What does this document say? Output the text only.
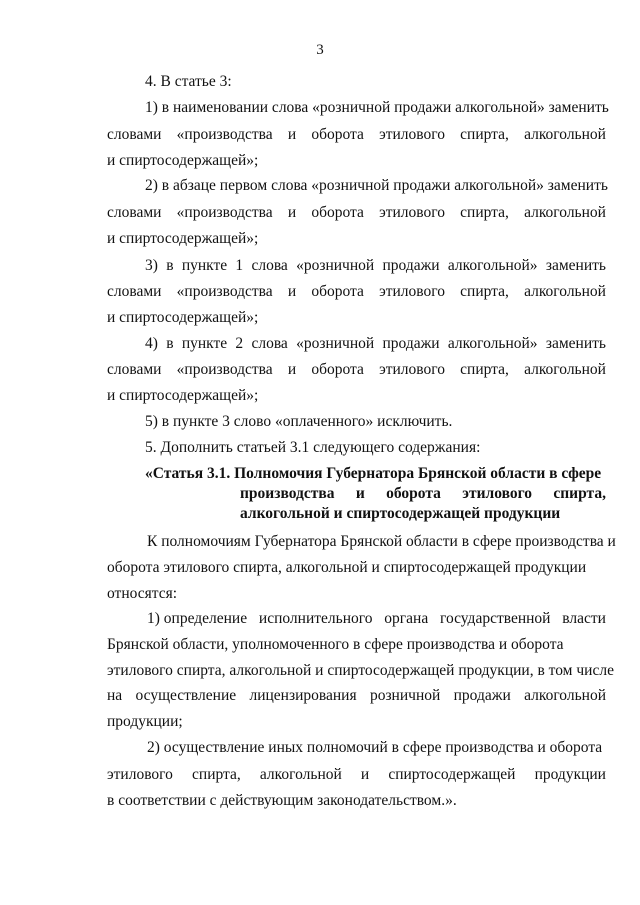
3
4. В статье 3:
1) в наименовании слова «розничной продажи алкогольной» заменить
словами «производства и оборота этилового спирта, алкогольной
и спиртосодержащей»;
2) в абзаце первом слова «розничной продажи алкогольной» заменить
словами «производства и оборота этилового спирта, алкогольной
и спиртосодержащей»;
3) в пункте 1 слова «розничной продажи алкогольной» заменить
словами «производства и оборота этилового спирта, алкогольной
и спиртосодержащей»;
4) в пункте 2 слова «розничной продажи алкогольной» заменить
словами «производства и оборота этилового спирта, алкогольной
и спиртосодержащей»;
5) в пункте 3 слово «оплаченного» исключить.
5. Дополнить статьей 3.1 следующего содержания:
«Статья 3.1. Полномочия Губернатора Брянской области в сфере
производства и оборота этилового спирта,
алкогольной и спиртосодержащей продукции
К полномочиям Губернатора Брянской области в сфере производства и
оборота этилового спирта, алкогольной и спиртосодержащей продукции
относятся:
1) определение исполнительного органа государственной власти
Брянской области, уполномоченного в сфере производства и оборота
этилового спирта, алкогольной и спиртосодержащей продукции, в том числе
на осуществление лицензирования розничной продажи алкогольной
продукции;
2) осуществление иных полномочий в сфере производства и оборота
этилового спирта, алкогольной и спиртосодержащей продукции
в соответствии с действующим законодательством.».
